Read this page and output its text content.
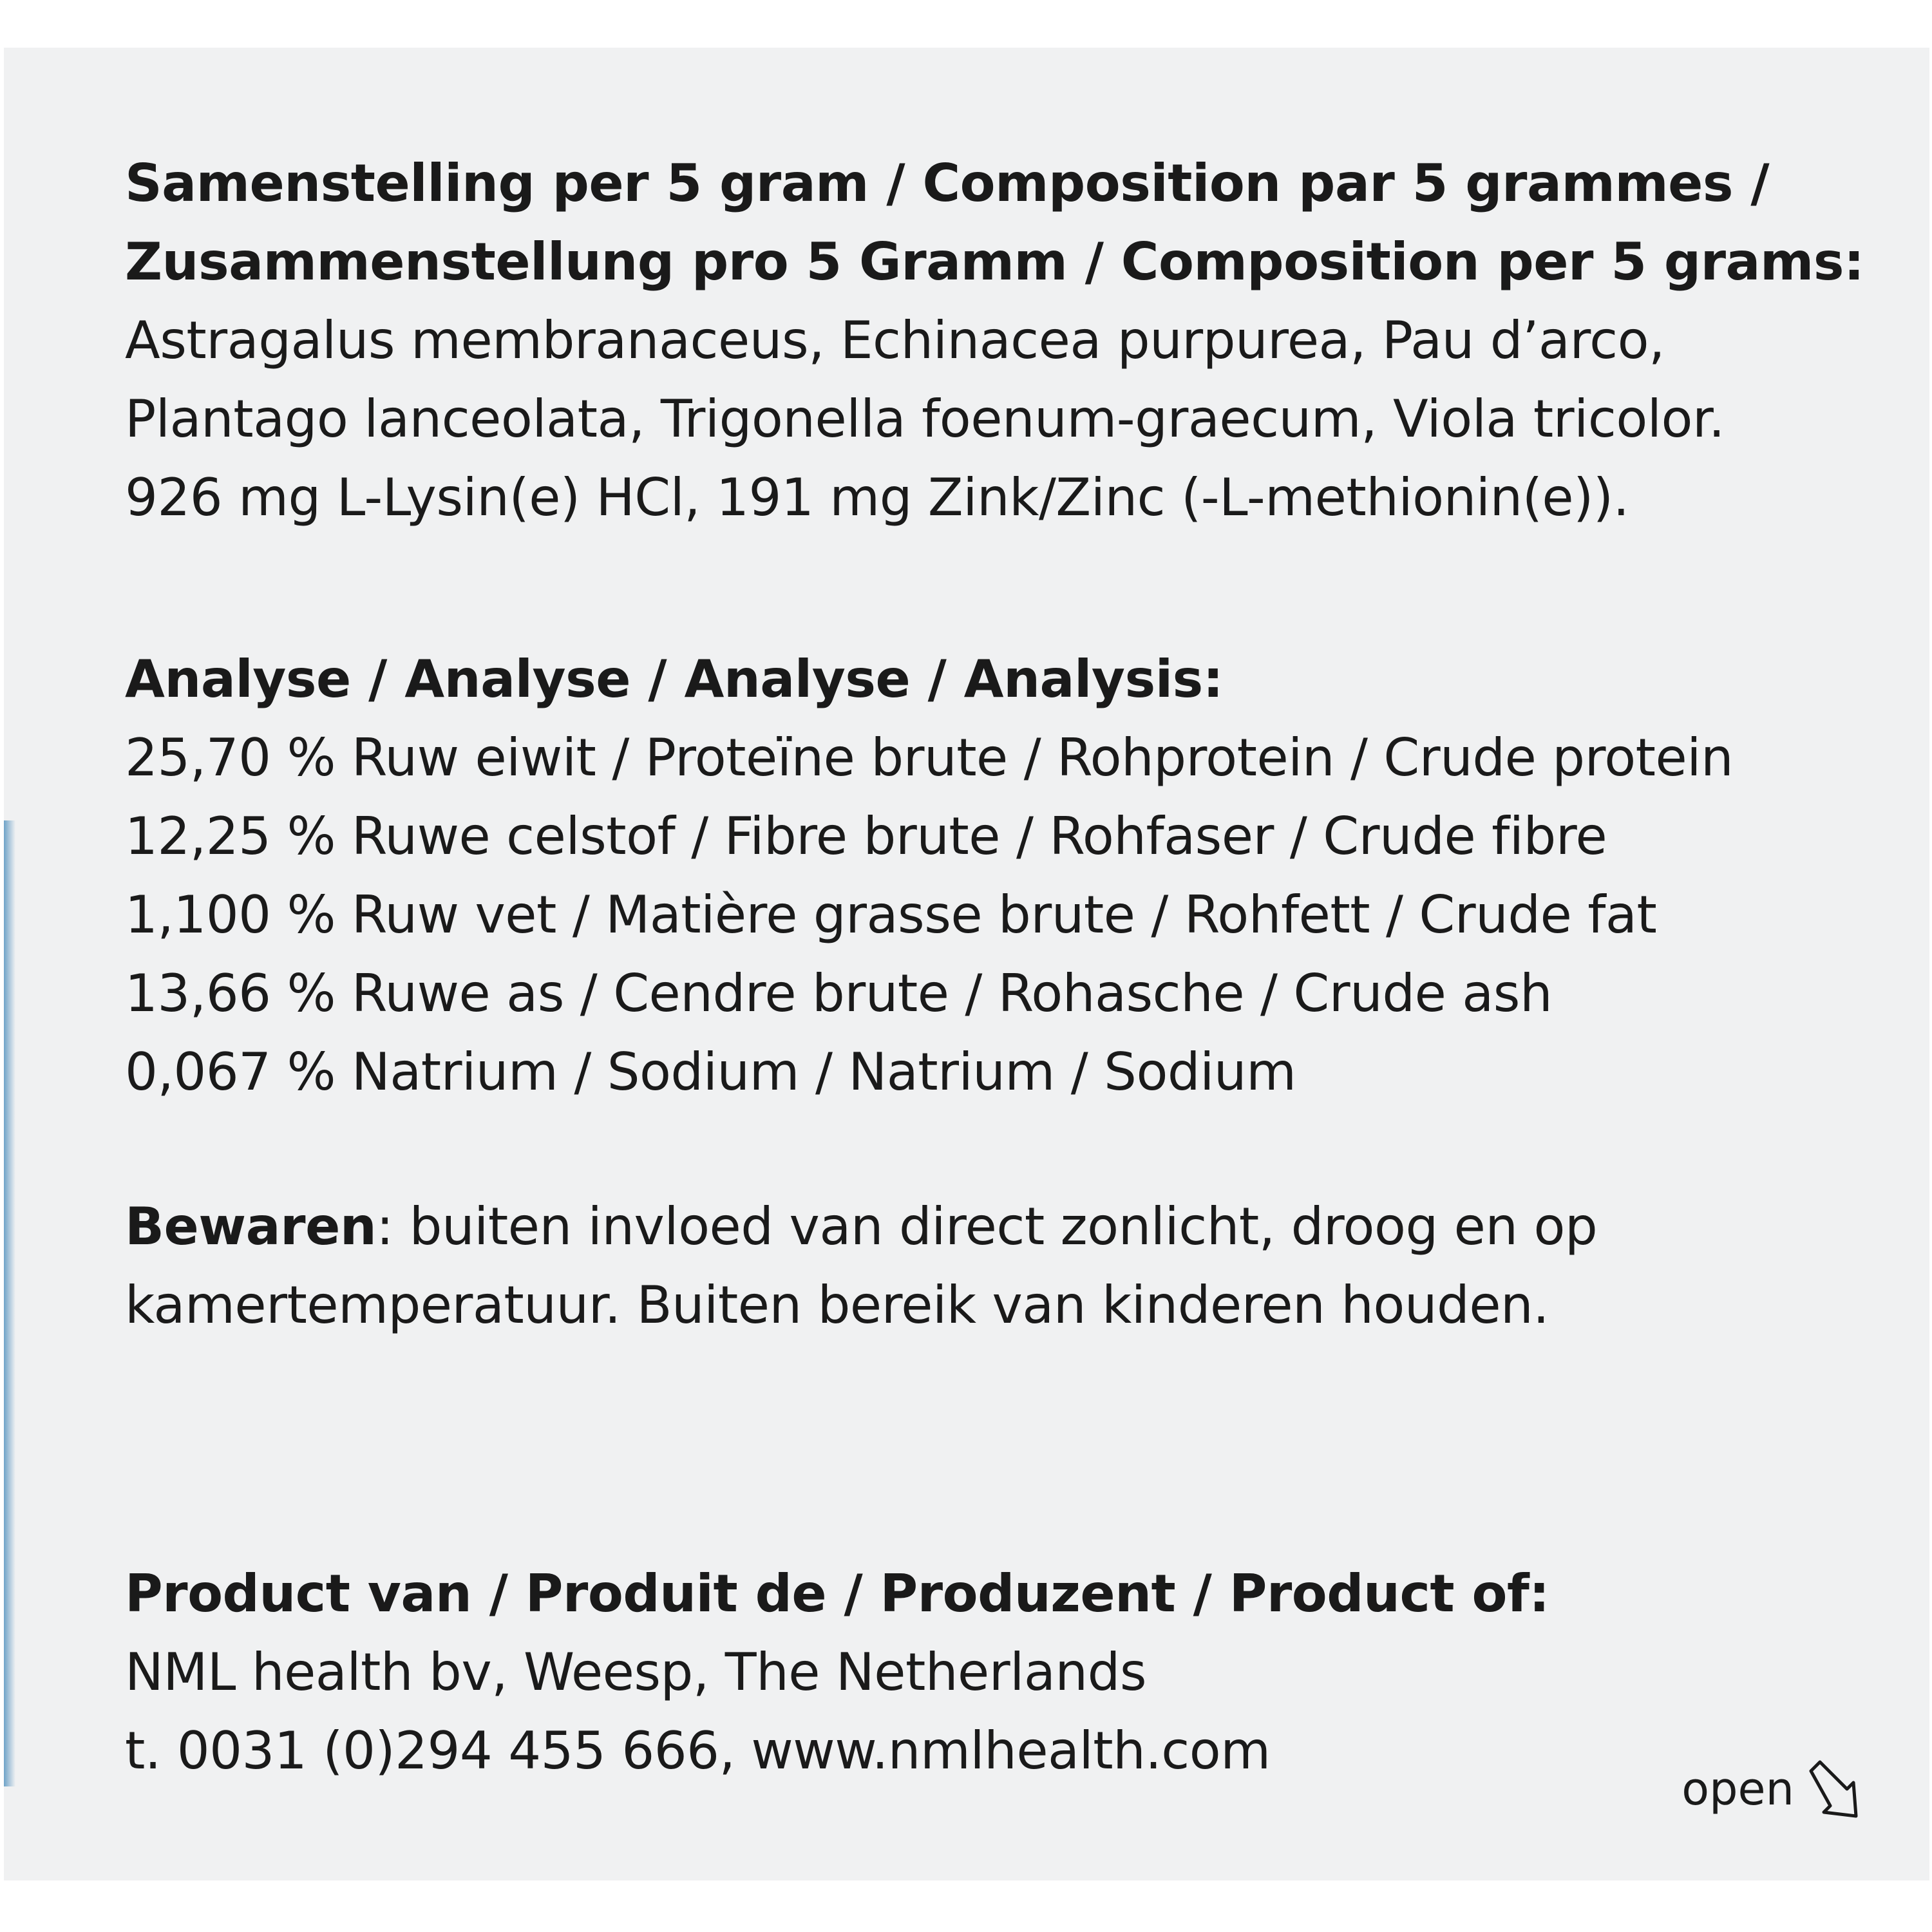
Samenstelling per 5 gram / Composition par 5 grammes /
Zusammenstellung pro 5 Gramm / Composition per 5 grams:
Astragalus membranaceus, Echinacea purpurea, Pau d’arco,
Plantago lanceolata, Trigonella foenum-graecum, Viola tricolor.
926 mg L-Lysin(e) HCl, 191 mg Zink/Zinc (-L-methionin(e)).
Analyse / Analyse / Analyse / Analysis:
25,70 % Ruw eiwit / Proteïne brute / Rohprotein / Crude protein
12,25 % Ruwe celstof / Fibre brute / Rohfaser / Crude fibre
1,100 % Ruw vet / Matière grasse brute / Rohfett / Crude fat
13,66 % Ruwe as / Cendre brute / Rohasche / Crude ash
0,067 % Natrium / Sodium / Natrium / Sodium
Bewaren: buiten invloed van direct zonlicht, droog en op
kamertemperatuur. Buiten bereik van kinderen houden.
Product van / Produit de / Produzent / Product of:
NML health bv, Weesp, The Netherlands
t. 0031 (0)294 455 666, www.nmlhealth.com
open
